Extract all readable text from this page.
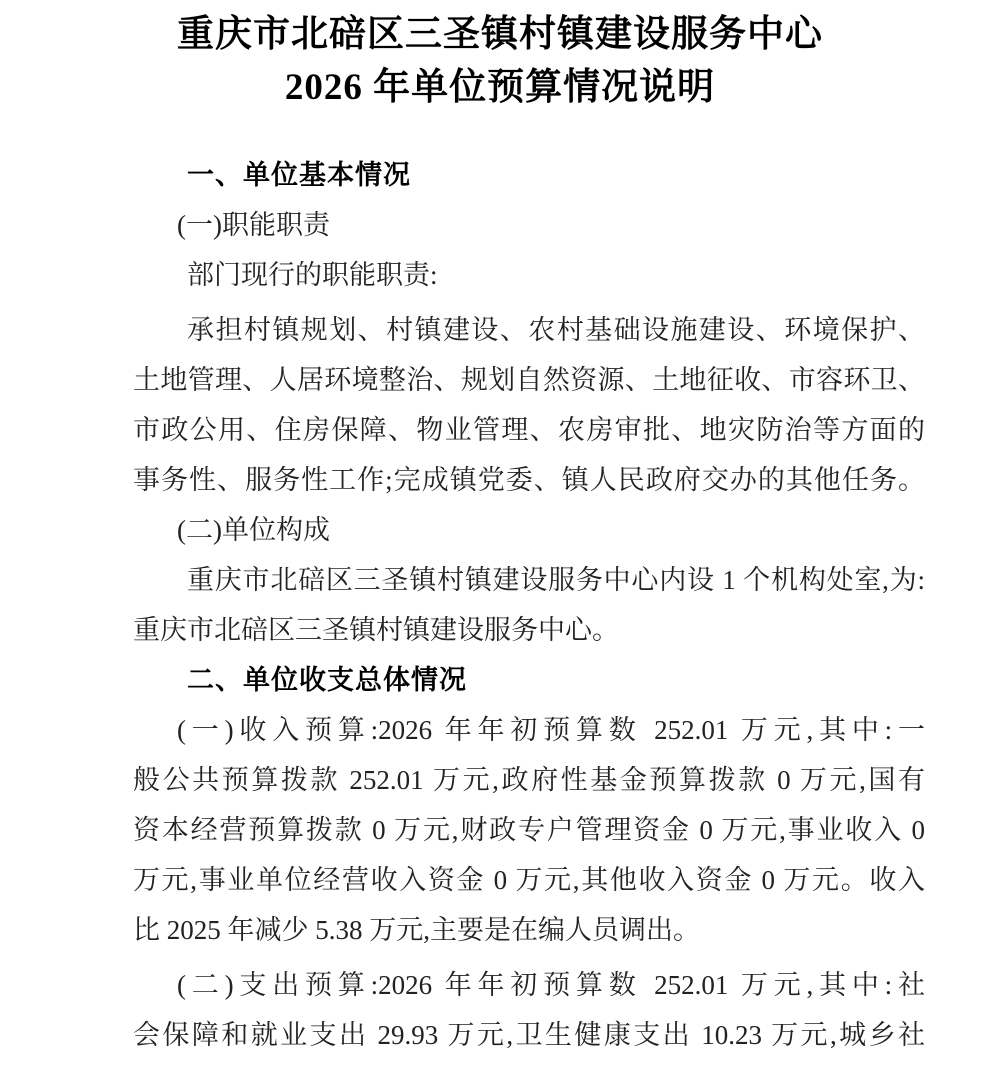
重庆市北碚区三圣镇村镇建设服务中心
2026 年单位预算情况说明
一、单位基本情况
(一)职能职责
部门现行的职能职责:
承担村镇规划、村镇建设、农村基础设施建设、环境保护、
土地管理、人居环境整治、规划自然资源、土地征收、市容环卫、
市政公用、住房保障、物业管理、农房审批、地灾防治等方面的
事务性、服务性工作;完成镇党委、镇人民政府交办的其他任务。
(二)单位构成
重庆市北碚区三圣镇村镇建设服务中心内设 1 个机构处室,为:
重庆市北碚区三圣镇村镇建设服务中心。
二、单位收支总体情况
(一)收入预算:2026 年年初预算数 252.01 万元,其中:一
般公共预算拨款 252.01 万元,政府性基金预算拨款 0 万元,国有
资本经营预算拨款 0 万元,财政专户管理资金 0 万元,事业收入 0
万元,事业单位经营收入资金 0 万元,其他收入资金 0 万元。收入
比 2025 年减少 5.38 万元,主要是在编人员调出。
(二)支出预算:2026 年年初预算数 252.01 万元,其中:社
会保障和就业支出 29.93 万元,卫生健康支出 10.23 万元,城乡社
